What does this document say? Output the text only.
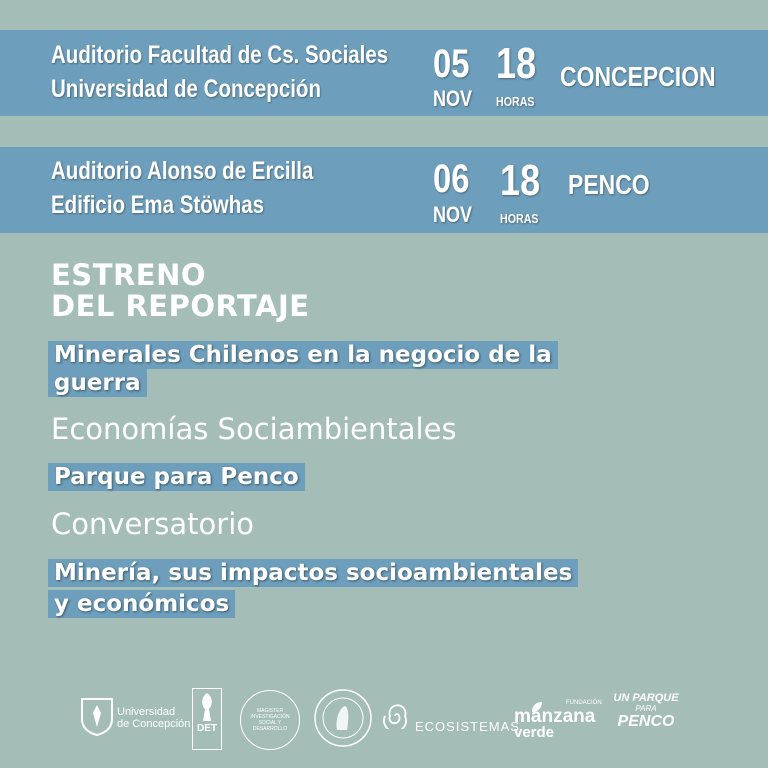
Auditorio Facultad de Cs. Sociales
Universidad de Concepción
05
NOV
18
HORAS
CONCEPCION
Auditorio Alonso de Ercilla
Edificio Ema Stöwhas
06
NOV
18
HORAS
PENCO
ESTRENO
DEL REPORTAJE
Minerales Chilenos en la negocio de la
guerra
Economías Sociambientales
Parque para Penco
Conversatorio
Minería, sus impactos socioambientales
y económicos
Universidad
de Concepción DET
MAGISTER
INVESTIGACIÓN
SOCIAL Y
DESARROLLO	ECOSISTEMAS
FUNDACIÓN
manzana
verde
UN PARQUE
PARA
PENCO
